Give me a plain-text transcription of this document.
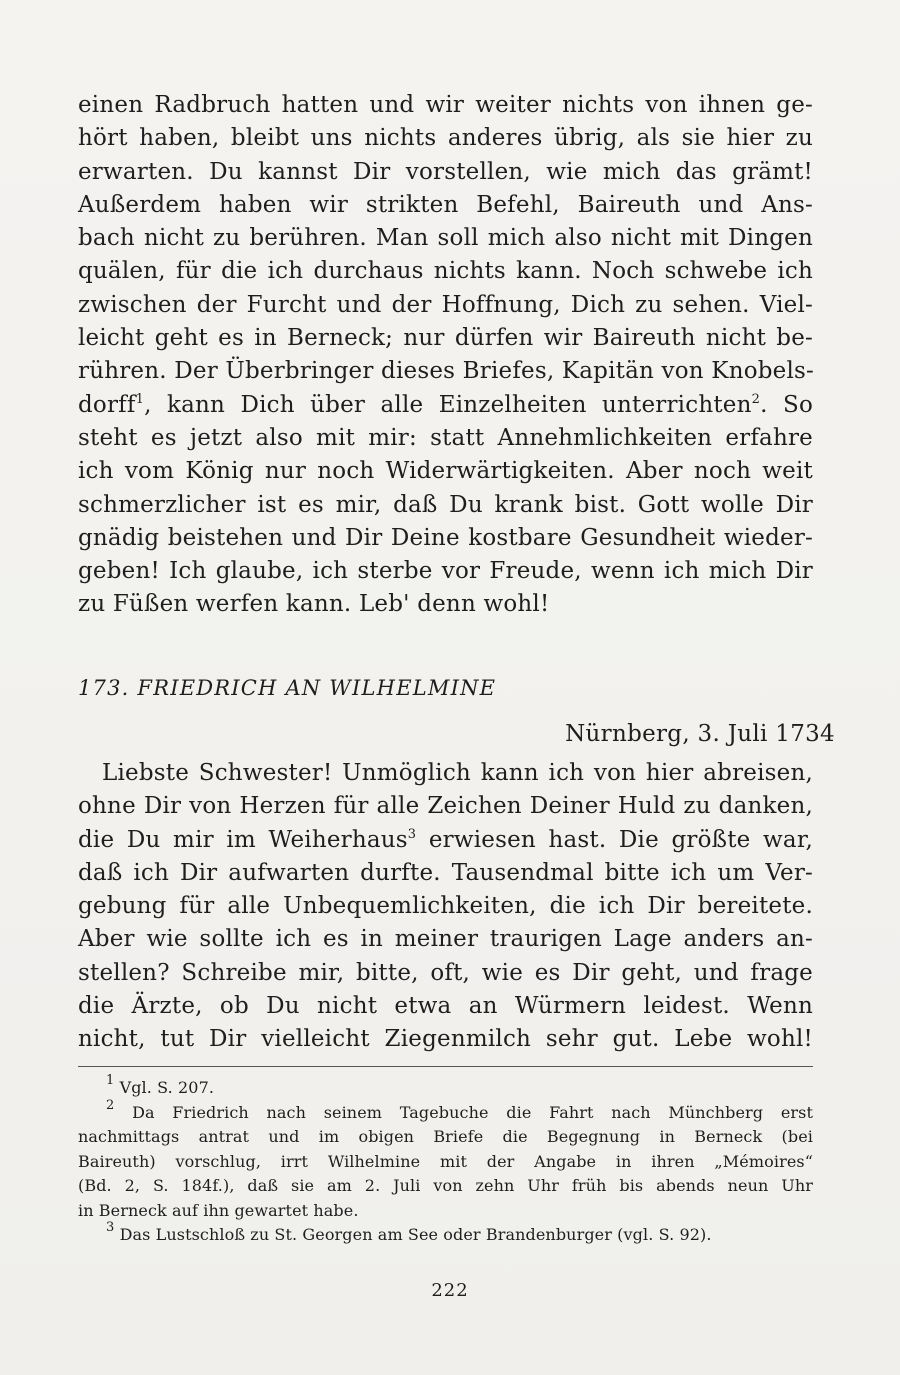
einen Radbruch hatten und wir weiter nichts von ihnen ge-
hört haben, bleibt uns nichts anderes übrig, als sie hier zu
erwarten. Du kannst Dir vorstellen, wie mich das grämt!
Außerdem haben wir strikten Befehl, Baireuth und Ans-
bach nicht zu berühren. Man soll mich also nicht mit Dingen
quälen, für die ich durchaus nichts kann. Noch schwebe ich
zwischen der Furcht und der Hoffnung, Dich zu sehen. Viel-
leicht geht es in Berneck; nur dürfen wir Baireuth nicht be-
rühren. Der Überbringer dieses Briefes, Kapitän von Knobels-
dorff$^1$, kann Dich über alle Einzelheiten unterrichten$^2$. So
steht es jetzt also mit mir: statt Annehmlichkeiten erfahre
ich vom König nur noch Widerwärtigkeiten. Aber noch weit
schmerzlicher ist es mir, daß Du krank bist. Gott wolle Dir
gnädig beistehen und Dir Deine kostbare Gesundheit wieder-
geben! Ich glaube, ich sterbe vor Freude, wenn ich mich Dir
zu Füßen werfen kann. Leb' denn wohl!
173. FRIEDRICH AN WILHELMINE
Nürnberg, 3. Juli 1734
Liebste Schwester! Unmöglich kann ich von hier abreisen,
ohne Dir von Herzen für alle Zeichen Deiner Huld zu danken,
die Du mir im Weiherhaus$^3$ erwiesen hast. Die größte war,
daß ich Dir aufwarten durfte. Tausendmal bitte ich um Ver-
gebung für alle Unbequemlichkeiten, die ich Dir bereitete.
Aber wie sollte ich es in meiner traurigen Lage anders an-
stellen? Schreibe mir, bitte, oft, wie es Dir geht, und frage
die Ärzte, ob Du nicht etwa an Würmern leidest. Wenn
nicht, tut Dir vielleicht Ziegenmilch sehr gut. Lebe wohl!
$^1$ Vgl. S. 207.
$^2$ Da Friedrich nach seinem Tagebuche die Fahrt nach Münchberg erst
nachmittags antrat und im obigen Briefe die Begegnung in Berneck (bei
Baireuth) vorschlug, irrt Wilhelmine mit der Angabe in ihren „Mémoires“
(Bd. 2, S. 184f.), daß sie am 2. Juli von zehn Uhr früh bis abends neun Uhr
in Berneck auf ihn gewartet habe.
$^3$ Das Lustschloß zu St. Georgen am See oder Brandenburger (vgl. S. 92).
222
